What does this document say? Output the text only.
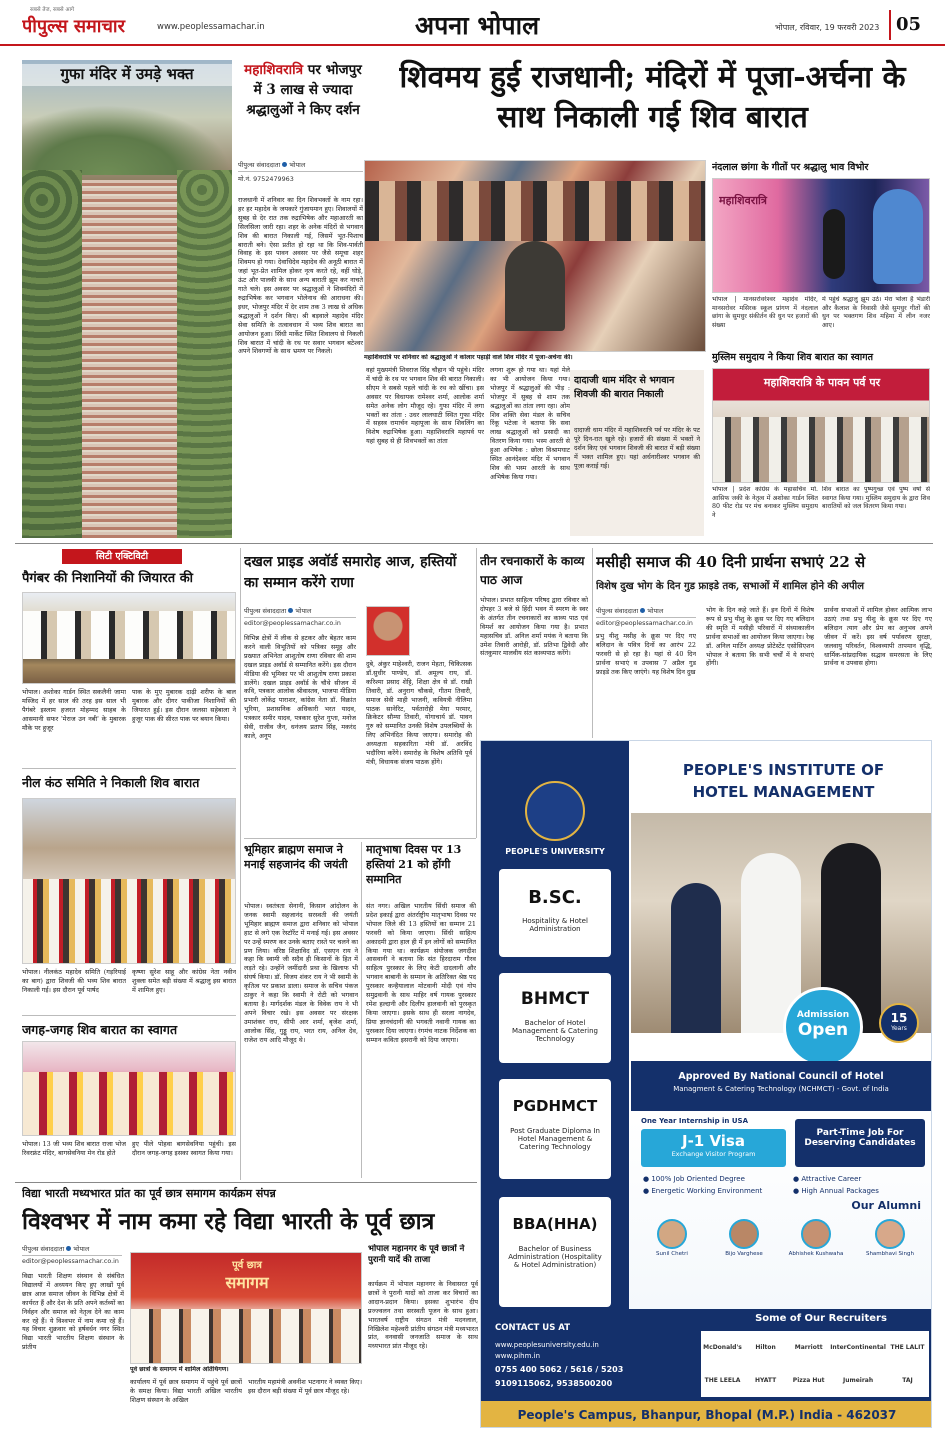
पीपुल्स समाचार
सबसे तेज, सबसे आगे
www.peoplessamachar.in	अपना भोपाल	भोपाल, रविवार, 19 फरवरी 2023 05
गुफा मंदिर में उमड़े भक्त	महाशिवरात्रि पर भोजपुर में 3 लाख से ज्यादा श्रद्धालुओं ने किए दर्शन
पीपुल्स संवाददाता भोपाल
मो.नं. 9752479963
राजधानी में शनिवार का दिन शिवभक्तों के नाम रहा। हर हर महादेव के जयकारे गुंजायमान हुए। शिवालयों में सुबह से देर रात तक रुद्राभिषेक और महाआरती का सिलसिला जारी रहा। शहर के अनेक मंदिरों से भगवान शिव की बारात निकाली गई, जिसमें भूत-पिशाच बाराती बने। ऐसा प्रतीत हो रहा था कि शिव-पार्वती विवाह के इस पावन अवसर पर जैसे समूचा शहर शिवमय हो गया। देवाधिदेव महादेव की अनूठी बारात में जहां भूत-प्रेत शामिल होकर नृत्य करते रहे, वहीं घोड़े, ऊंट और पालकी के साथ अन्य बाराती झूम कर नाचते गाते चले। इस अवसर पर श्रद्धालुओं ने शिवमंदिरों में रुद्राभिषेक कर भगवान भोलेनाथ की आराधना की। इधर, भोजपुर मंदिर में देर शाम तक 3 लाख से अधिक श्रद्धालुओं ने दर्शन किए। श्री बड़वाले महादेव मंदिर सेवा समिति के तत्वावधान में भव्य शिव बारात का आयोजन हुआ। सिंधी मार्केट स्थित शिवालय से निकली शिव बारात में चांदी के रथ पर सवार भगवान बटेश्वर अपने शिवगणों के साथ भ्रमण पर निकले।
शिवमय हुई राजधानी; मंदिरों में पूजा-अर्चना के साथ निकाली गई शिव बारात
महाशिवरात्रि पर शनिवार को श्रद्धालुओं ने कोलार पहाड़ी वाले शिव मंदिर में पूजा-अर्चना की।
वहां मुख्यमंत्री शिवराज सिंह चौहान भी पहुंचे। मंदिर में चांदी के रथ पर भगवान शिव की बारात निकाली। सीएम ने सबसे पहले चांदी के रथ को खींचा। इस अवसर पर विधायक रामेश्वर शर्मा, आलोक शर्मा समेत अनेक लोग मौजूद रहे। गुफा मंदिर में लगा भक्तों का तांता : उधर लालघाटी स्थित गुफा मंदिर में सहस्त्र रामार्चन महापूजा के साथ शिवलिंग का विशेष रुद्राभिषेक हुआ। महाशिवरात्रि महापर्व पर यहां सुबह से ही शिवभक्तों का तांता
लगना शुरू हो गया था। यहां मेले का भी आयोजन किया गया। भोजपुर में श्रद्धालुओं की भीड़ : भोजपुर में सुबह से शाम तक श्रद्धालुओं का तांता लगा रहा। ओम शिव शक्ति सेवा मंडल के सचिव रिंकू भटेजा ने बताया कि सवा लाख श्रद्धालुओं को प्रसादी का वितरण किया गया। भस्म आरती से हुआ अभिषेक : छोला विश्रामघाट स्थित आनंदेश्वर मंदिर में भगवान शिव की भस्म आरती के साथ अभिषेक किया गया।
दादाजी धाम मंदिर से भगवान शिवजी की बारात निकाली
दादाजी धाम मंदिर में महाशिवरात्रि पर्व पर मंदिर के पट पूरे दिन-रात खुले रहे। हजारों की संख्या में भक्तों ने दर्शन किए एवं भगवान शिवजी की बारात में बड़ी संख्या में भक्त शामिल हुए। यहां अर्धनारीश्वर भगवान की पूजा कराई गई।
नंदलाल छांगा के गीतों पर श्रद्धालु भाव विभोर
महाशिवरात्रि
भोपाल | मानसरोवरेश्वर महादेव मंदिर, मानसरोवर मसिरक स्कूल प्रांगण में नंदलाल छांगा के सुमधुर संकीर्तन की धुन पर हजारों की संख्या
में पहुंचे श्रद्धालु झूम उठे। मेरा भोला है भंडारी और कैलाश के निवासी जैसे सुमधुर गीतों की धुन पर भक्तगण शिव महिमा में लीन नजर आए।
मुस्लिम समुदाय ने किया शिव बारात का स्वागत
महाशिवरात्रि के पावन पर्व पर
भोपाल | प्रदेश कांग्रेस के महासचिव मो. आसिफ जकी के नेतृत्व में अशोका गार्डन स्थित 80 फीट रोड पर मंच बनाकर मुस्लिम समुदाय ने
शिव बारात का पुष्पगुच्छ एवं पुष्प वर्षा से स्वागत किया गया। मुस्लिम समुदाय के द्वारा शिव बारातियों को जल वितरण किया गया।
सिटी एक्टिविटी
पैगंबर की निशानियों की जियारत की
भोपाल। अशोका गार्डन स्थित सकलैनी जामा मस्जिद में हर साल की तरह इस साल भी पैगंबरे इस्लाम हजरत मोहम्मद साहब के आसमानी सफर 'मेराज उन नबी' के मुबारक मौके पर हुजूर
पाक के मुए मुबारक दाढ़ी शरीफ के बाल मुबारक और दीगर पाकीजा निशानियों की जियारत हुई। इस दौरान जलसा सहेबाला ने हुजूर पाक की सीरत पाक पर बयान किया।
नील कंठ समिति ने निकाली शिव बारात
भोपाल। नीलकंठ महादेव समिति (गड़रियाई का बाग) द्वारा शिवजी की भव्य शिव बारात निकाली गई। इस दौरान पूर्व पार्षद
कृष्णा सुरेश साहू और कांग्रेस नेता नवीन शुक्ला समेत बड़ी संख्या में श्रद्धालु इस बारात में शामिल हुए।
जगह-जगह शिव बारात का स्वागत
भोपाल। 13 जी भव्य शिव बारात राजा भोज रिवरफ्रंट मंदिर, बागसेवनिया मेन रोड होते
हुए पीले पोहवा बागसेवनिया पहुंची। इस दौरान जगह-जगह इसका स्वागत किया गया।
दखल प्राइड अवॉर्ड समारोह आज, हस्तियों का सम्मान करेंगे राणा
पीपुल्स संवाददाता भोपाल
editor@peoplessamachar.co.in
विभिन्न क्षेत्रों में लीक से हटकर और बेहतर काम करने वाली विभूतियों को पत्रिका समूह और प्रख्यात अभिनेता आशुतोष राणा रविवार की शाम दखल प्राइड अवॉर्ड से सम्मानित करेंगे। इस दौरान मीडिया की भूमिका पर भी आशुतोष राणा प्रकाश डालेंगे। दखल प्राइड अवॉर्ड के चौथे सीजन में कवि, पत्रकार आलोक श्रीवास्तव, भाजपा मीडिया प्रभारी लोकेंद्र पाराशर, कांग्रेस नेता डॉ. विक्रांत भूरिया, प्रशासनिक अधिकारी भरत यादव, पत्रकार समीर यादव, पत्रकार सुरेश गुप्ता, मनोज सेवी, राजीव जैन, धनंजय प्रताप सिंह, मकरंद काले, अनूप
दुबे, अंकुर माहेश्वरी, राजन मेहता, चिकित्सक डॉ.सुधीर पाण्डेय, डॉ. अमूल्य राय, डॉ. करिश्मा प्रसाद शेट्टि, शिक्षा क्षेत्र से डॉ. राखी तिवारी, डॉ. अनुराग चौकसे, गीतम तिवारी, समाज सेवी माही भाजनी, कवियत्री नीलिमा पाठक सानेरिट, पर्वतारोही मेघा परमार, क्रिकेटर सौम्या तिवारी, योगाचार्य डॉ. पावन गुरु को सम्मानित उनकी विशेष उपलब्धियों के लिए अभिनंदित किया जाएगा। समारोह की अध्यक्षता सहकारिता मंत्री डॉ. अरविंद भदौरिया करेंगे। समारोह के विशेष अतिथि पूर्व मंत्री, विधायक संजय पाठक होंगे।
तीन रचनाकारों के काव्य पाठ आज
भोपाल। प्रभात साहित्य परिषद द्वारा रविवार को दोपहर 3 बजे से हिंदी भवन में स्मरण के स्वर के अंतर्गत तीन रचनाकारों का काव्य पाठ एवं विमर्श का आयोजन किया गया है। प्रभात महासचिव डॉ. अनिल शर्मा मयंक ने बताया कि उमेश तिवारी आरोही, डॉ. प्रतिभा द्विवेदी और संतकुमार मालवीय संत काव्यपाठ करेंगे।
मसीही समाज की 40 दिनी प्रार्थना सभाएं 22 से
विशेष दुख भोग के दिन गुड फ्राइडे तक, सभाओं में शामिल होने की अपील
पीपुल्स संवाददाता भोपाल
editor@peoplessamachar.co.in
प्रभु यीशु मसीह के क्रूस पर दिए गए बलिदान के पवित्र दिनों का आरंभ 22 फरवरी से हो रहा है। यहां से 40 दिन प्रार्थना सभाएं व उपवास 7 अप्रैल गुड फ्राइडे तक किए जाएंगे। यह विशेष दिन दुख
भोग के दिन कहे जाते हैं। इन दिनों में विशेष रूप से प्रभु यीशु के क्रूस पर दिए गए बलिदान की स्मृति में मसीही परिवारों में संध्याकालीन प्रार्थना सभाओं का आयोजन किया जाएगा। रेव्ह डॉ. अनिल मार्टिन अध्यक्ष प्रोटेस्टेंट एसोसिएशन भोपाल ने बताया कि सभी चर्चों में ये सभाएं होंगी।
प्रार्थना सभाओं में शामिल होकर आत्मिक लाभ उठाएं तथा प्रभु यीशु के क्रूस पर दिए गए बलिदान त्याग और प्रेम का अनुभव अपने जीवन में करें। इस वर्ष पर्यावरण सुरक्षा, जलवायु परिवर्तन, विश्वव्यापी तापमान वृद्धि, धार्मिक-सांप्रदायिक सद्भाव समरसता के लिए प्रार्थना व उपवास होगा।
भूमिहार ब्राह्मण समाज ने मनाई सहजानंद की जयंती
भोपाल। स्वतंत्रता सेनानी, किसान आंदोलन के जनक स्वामी सहजानंद सरस्वती की जयंती भूमिहार ब्राह्मण समाज द्वारा शनिवार को भोपाल हाट से लगे एक रेस्टॉरेंट में मनाई गई। इस अवसर पर उन्हें स्मरण कर उनके बताए रास्ते पर चलने का प्रण लिया। वरिष्ठ शिक्षाविद डॉ. एसएन राय ने कहा कि स्वामी जी सदैव ही किसानों के हित में लड़ते रहे। उन्होंने जमींदारी प्रथा के खिलाफ भी संघर्ष किया। डॉ. विजय शंकर राय ने भी स्वामी के कृतित्व पर प्रकाश डाला। समाज के सचिव पंकज ठाकुर ने कहा कि स्वामी ने रोटी को भगवान बताया है। मार्गदर्शक मंडल के विवेक राय ने भी अपने विचार रखे। इस अवसर पर संरक्षक उमाशंकर राय, सीपी आर शर्मा, बृजेश शर्मा, आलोक सिंह, गुड्डू राय, भरत राय, अनिल देव, राजेश राय आदि मौजूद थे।
मातृभाषा दिवस पर 13 हस्तियां 21 को होंगी सम्मानित
संत नगर। अखिल भारतीय सिंधी समाज की प्रदेश इकाई द्वारा अंतर्राष्ट्रीय मातृभाषा दिवस पर भोपाल जिले की 13 हस्तियों का सम्मान 21 फरवरी को किया जाएगा। सिंधी साहित्य अकादमी द्वारा हाल ही में इन लोगों को सम्मानित किया गया था। कार्यक्रम संयोजक जगदीश आसवानी ने बताया कि संत हिरदाराम गौरव साहित्य पुरस्कार के लिए केटी दादलानी और भगवान बाबानी के सम्मान के अतिरिक्त श्रेष्ठ पद पुरस्कार कन्हैयालाल मोटवानी मोदी एवं गोप समुद्रवानी के साथ माहिर वर्ष गायक पुरस्कार रमेश हल्दानी और दिलीप हालवानी को पुरस्कृत किया जाएगा। इसके साथ ही सरला नागदेव, प्रिया ज्ञानचंदानी की भगवती नवानी गायक का पुरस्कार दिया जाएगा। रंगमंच नाटक निर्देशक का सम्मान कविता इसरानी को दिया जाएगा।
PEOPLE'S UNIVERSITY
B.SC.
Hospitality & Hotel Administration
BHMCT
Bachelor of Hotel Management & Catering Technology
PGDHMCT
Post Graduate Diploma In Hotel Management & Catering Technology
BBA(HHA)
Bachelor of Business Administration (Hospitality & Hotel Administration)
PEOPLE'S INSTITUTE OF
HOTEL MANAGEMENT
Admission
Open
15
Years
Approved By National Council of Hotel
Managment & Catering Technology (NCHMCT) - Govt. of India
One Year Internship in USA
J-1 Visa
Exchange Visitor Program
Part-Time Job For Deserving Candidates
● 100% Job Oriented Degree	● Attractive Career
● Energetic Working Environment	● High Annual Packages
Our Alumni
Sunil Chetri	Bijo Varghese	Abhishek Kushwaha	Shambhavi Singh
CONTACT US AT
www.peoplesuniversity.edu.in
www.pihm.in
0755 400 5062 / 5616 / 5203
9109115062, 9538500200
Some of Our Recruiters
McDonald's	Hilton	Marriott	InterContinental THE LALIT
THE LEELA	HYATT	Pizza Hut	Jumeirah	TAJ
People's Campus, Bhanpur, Bhopal (M.P.) India - 462037
विद्या भारती मध्यभारत प्रांत का पूर्व छात्र समागम कार्यक्रम संपन्न
विश्वभर में नाम कमा रहे विद्या भारती के पूर्व छात्र
पीपुल्स संवाददाता भोपाल
editor@peoplessamachar.co.in
विद्या भारती शिक्षण संस्थान से संबंधित विद्यालयों में अध्ययन किए हुए लाखों पूर्व छात्र आज समाज जीवन के विभिन्न क्षेत्रों में कार्यरत हैं और देश के प्रति अपने कर्तव्यों का निर्वहन और समाज को नेतृत्व देने का काम कर रहे हैं। ये विश्वभर में नाम कमा रहे हैं। यह विचार शुक्रवार को हर्षवर्धन नगर स्थित विद्या भारती भारतीय शिक्षण संस्थान के प्रांतीय
पूर्व छात्र
समागम
पूर्व छात्रों के समागम में शामिल अतिथिगण।
कार्यालय में पूर्व छात्र समागम में पहुंचे पूर्व छात्रों के समक्ष किया। विद्या भारती अखिल भारतीय शिक्षण संस्थान के अखिल
भारतीय महामंत्री अवनीश भटनागर ने व्यक्त किए। इस दौरान बड़ी संख्या में पूर्व छात्र मौजूद रहे।
भोपाल महानगर के पूर्व छात्रों ने पुरानी यादें की ताजा
कार्यक्रम में भोपाल महानगर के निवासरत पूर्व छात्रों ने पुरानी यादों को ताजा कर विचारों का आदान-प्रदान किया। इसका शुभारंभ दीप प्रज्ज्वलन तथा सरस्वती पूजन के साथ हुआ। भारतवर्ष राष्ट्रीय संगठन मंत्री मदनलाल, निखिलेश महेश्वरी प्रांतीय संगठन मंत्री मध्यभारत प्रांत, वनवासी जनजाति समाज के साथ मध्यभारत प्रांत मौजूद रहे।
